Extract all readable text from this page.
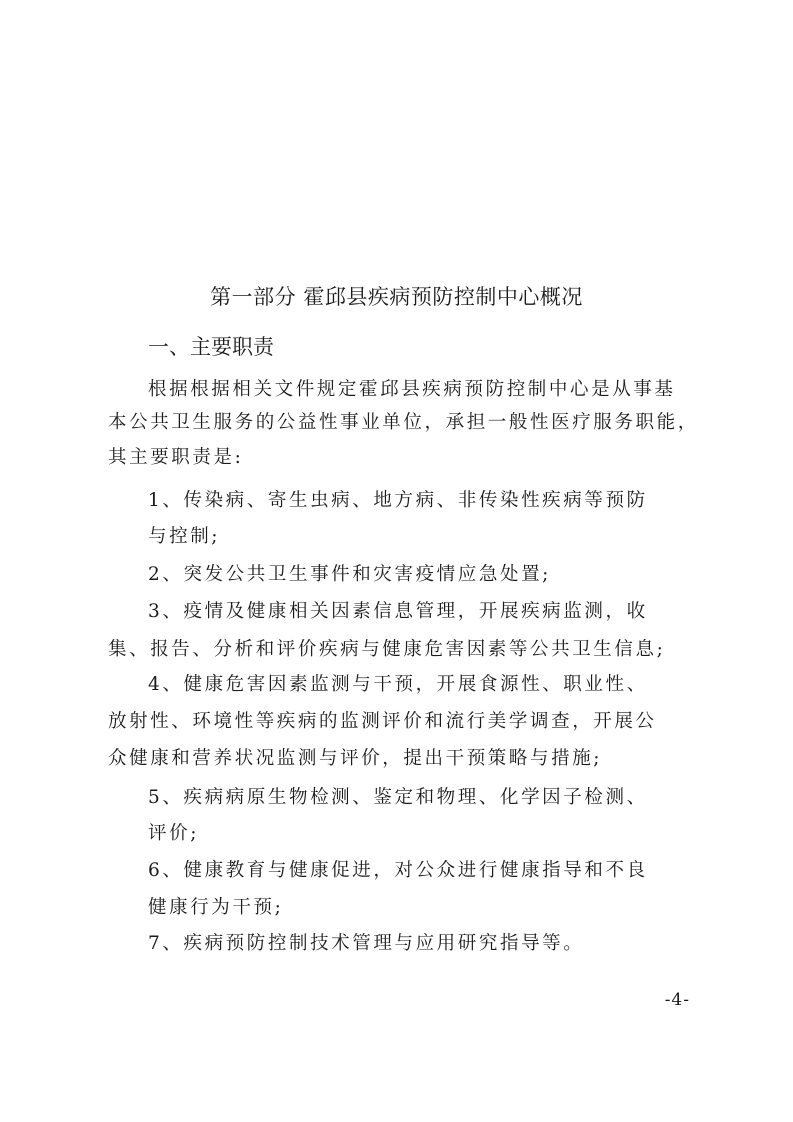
第一部分 霍邱县疾病预防控制中心概况
一、主要职责

根据根据相关文件规定霍邱县疾病预防控制中心是从事基

本公共卫生服务的公益性事业单位，承担一般性医疗服务职能，

其主要职责是:

1、传染病、寄生虫病、地方病、非传染性疾病等预防

与控制;

2、突发公共卫生事件和灾害疫情应急处置;

3、疫情及健康相关因素信息管理，开展疾病监测，收

集、报告、分析和评价疾病与健康危害因素等公共卫生信息;

4、健康危害因素监测与干预，开展食源性、职业性、

放射性、环境性等疾病的监测评价和流行美学调查，开展公

众健康和营养状况监测与评价，提出干预策略与措施;

5、疾病病原生物检测、鉴定和物理、化学因子检测、

评价;

6、健康教育与健康促进，对公众进行健康指导和不良

健康行为干预;

7、疾病预防控制技术管理与应用研究指导等。

-4-
